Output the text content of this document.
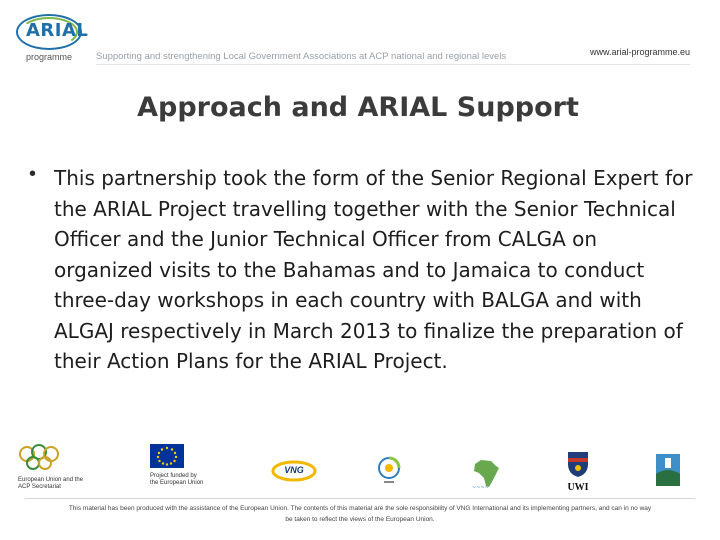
ARIAL
programme	Supporting and strengthening Local Government Associations at ACP national and regional levels	www.arial-programme.eu
Approach and ARIAL Support
• This partnership took the form of the Senior Regional Expert for the ARIAL Project travelling together with the Senior Technical Officer and the Junior Technical Officer from CALGA on organized visits to the Bahamas and to Jamaica to conduct three-day workshops in each country with BALGA and with ALGAJ respectively in March 2013 to finalize the preparation of their Action Plans for the ARIAL Project.

European Union and the
ACP Secretariat
Project funded by
the European Union
VNG
~~~~	UWI

This material has been produced with the assistance of the European Union. The contents of this material are the sole responsibility of VNG International and its implementing partners, and can in no way
be taken to reflect the views of the European Union.
